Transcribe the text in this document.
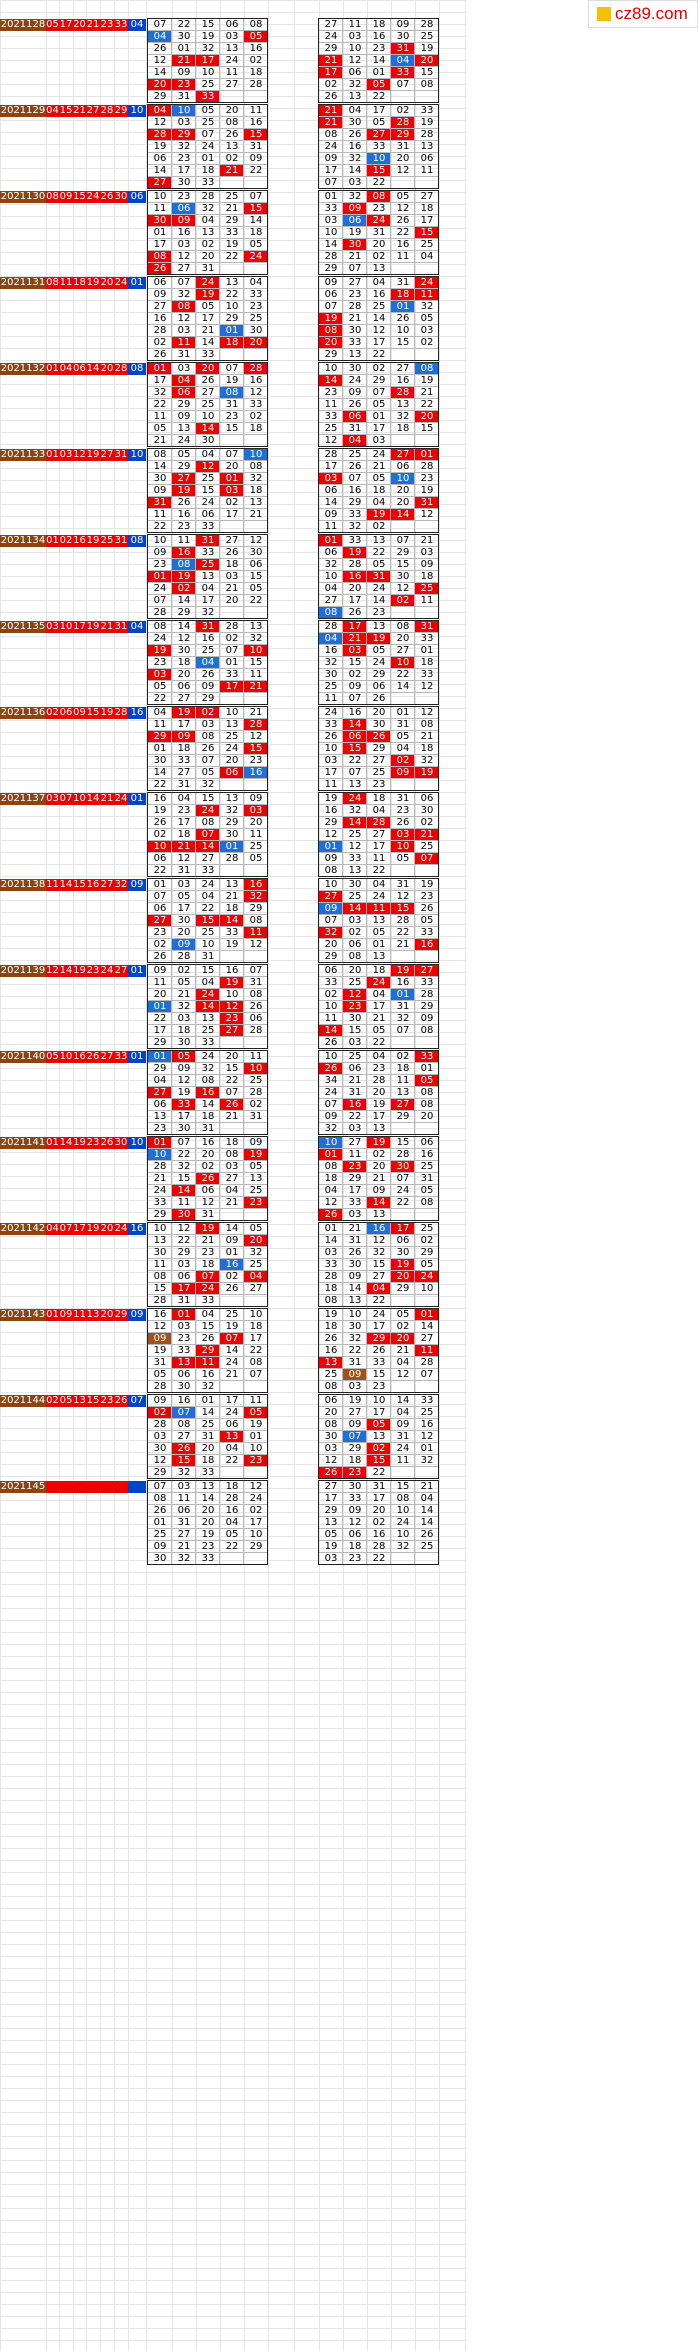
2021128 05 17 20 21 23 33 04	07	22	15	06	08
04	30	19	03	05
26	01	32	13	16
12	21	17	24	02
14	09	10	11	18
20	23	25	27	28
29	31	33
27	11	18	09	28
24	03	16	30	25
29	10	23	31	19
21	12	14	04	20
17	06	01	33	15
02	32	05	07	08
26	13	22
2021129 04 15 21 27 28 29 10	04	10	05	20	11
12	03	25	08	16
28	29	07	26	15
19	32	24	13	31
06	23	01	02	09
14	17	18	21	22
27	30	33
21	04	17	02	33
21	30	05	28	19
08	26	27	29	28
24	16	33	31	13
09	32	10	20	06
17	14	15	12	11
07	03	22
2021130 08 09 15 24 26 30 06	10	23	28	25	07
11	06	32	21	15
30	09	04	29	14
01	16	13	33	18
17	03	02	19	05
08	12	20	22	24
26	27	31
01	32	08	05	27
33	09	23	12	18
03	06	24	26	17
10	19	31	22	15
14	30	20	16	25
28	21	02	11	04
29	07	13
2021131 08 11 18 19 20 24 01	06	07	24	13	04
09	32	19	22	33
27	08	05	10	23
16	12	17	29	25
28	03	21	01	30
02	11	14	18	20
26	31	33
09	27	04	31	24
06	23	16	18	11
07	28	25	01	32
19	21	14	26	05
08	30	12	10	03
20	33	17	15	02
29	13	22
2021132 01 04 06 14 20 28 08	01	03	20	07	28
17	04	26	19	16
32	06	27	08	12
22	29	25	31	33
11	09	10	23	02
05	13	14	15	18
21	24	30
10	30	02	27	08
14	24	29	16	19
23	09	07	28	21
11	26	05	13	22
33	06	01	32	20
25	31	17	18	15
12	04	03
2021133 01 03 12 19 27 31 10	08	05	04	07	10
14	29	12	20	08
30	27	25	01	32
09	19	15	03	18
31	26	24	02	13
11	16	06	17	21
22	23	33
28	25	24	27	01
17	26	21	06	28
03	07	05	10	23
06	16	18	20	19
14	29	04	20	31
09	33	19	14	12
11	32	02
2021134 01 02 16 19 25 31 08	10	11	31	27	12
09	16	33	26	30
23	08	25	18	06
01	19	13	03	15
24	02	04	21	05
07	14	17	20	22
28	29	32
01	33	13	07	21
06	19	22	29	03
32	28	05	15	09
10	16	31	30	18
04	20	24	12	25
27	17	14	02	11
08	26	23
2021135 03 10 17 19 21 31 04	08	14	31	28	13
24	12	16	02	32
19	30	25	07	10
23	18	04	01	15
03	20	26	33	11
05	06	09	17	21
22	27	29
28	17	13	08	31
04	21	19	20	33
16	03	05	27	01
32	15	24	10	18
30	02	29	22	33
25	09	06	14	12
11	07	26
2021136 02 06 09 15 19 28 16	04	19	02	10	21
11	17	03	13	28
29	09	08	25	12
01	18	26	24	15
30	33	07	20	23
14	27	05	06	16
22	31	32
24	16	20	01	12
33	14	30	31	08
26	06	26	05	21
10	15	29	04	18
03	22	27	02	32
17	07	25	09	19
11	13	23
2021137 03 07 10 14 21 24 01	16	04	15	13	09
19	23	24	32	03
26	17	08	29	20
02	18	07	30	11
10	21	14	01	25
06	12	27	28	05
22	31	33
19	24	18	31	06
16	32	04	23	30
29	14	28	26	02
12	25	27	03	21
01	12	17	10	25
09	33	11	05	07
08	13	22
2021138 11 14 15 16 27 32 09	01	03	24	13	16
07	05	04	21	32
06	17	22	18	29
27	30	15	14	08
23	20	25	33	11
02	09	10	19	12
26	28	31
10	30	04	31	19
27	25	24	12	23
09	14	11	15	26
07	03	13	28	05
32	02	05	22	33
20	06	01	21	16
29	08	13
2021139 12 14 19 23 24 27 01	09	02	15	16	07
11	05	04	19	31
20	21	24	10	08
01	32	14	12	26
22	03	13	23	06
17	18	25	27	28
29	30	33
06	20	18	19	27
33	25	24	16	33
02	12	04	01	28
10	23	17	31	29
11	30	21	32	09
14	15	05	07	08
26	03	22
2021140 05 10 16 26 27 33 01	01	05	24	20	11
29	09	32	15	10
04	12	08	22	25
27	19	16	07	28
06	33	14	26	02
13	17	18	21	31
23	30	31
10	25	04	02	33
26	06	23	18	01
34	21	28	11	05
24	31	20	13	08
07	16	19	27	08
09	22	17	29	20
32	03	13
2021141 01 14 19 23 26 30 10	01	07	16	18	09
10	22	20	08	19
28	32	02	03	05
21	15	26	27	13
24	14	06	04	25
33	11	12	21	23
29	30	31
10	27	19	15	06
01	11	02	28	16
08	23	20	30	25
18	29	21	07	31
04	17	09	24	05
12	33	14	22	08
26	03	13
2021142 04 07 17 19 20 24 16	10	12	19	14	05
13	22	21	09	20
30	29	23	01	32
11	03	18	16	25
08	06	07	02	04
15	17	24	26	27
28	31	33
01	21	16	17	25
14	31	12	06	02
03	26	32	30	29
33	30	15	19	05
28	09	27	20	24
18	14	04	29	10
08	13	22
2021143 01 09 11 13 20 29 09	16	01	04	25	10
12	03	15	19	18
09	23	26	07	17
19	33	29	14	22
31	13	11	24	08
05	06	16	21	07
28	30	32
19	10	24	05	01
18	30	17	02	14
26	32	29	20	27
16	22	26	21	11
13	31	33	04	28
25	09	15	12	07
08	03	23
2021144 02 05 13 15 23 26 07	09	16	01	17	11
02	07	14	24	05
28	08	25	06	19
03	27	31	13	01
30	26	20	04	10
12	15	18	22	23
29	32	33
06	19	10	14	33
20	27	17	04	25
08	09	05	09	16
30	07	13	31	12
03	29	02	24	01
12	18	15	11	32
26	23	22
2021145	07	03	13	18	12
08	11	14	28	24
26	06	20	16	02
01	31	20	04	17
25	27	19	05	10
09	21	23	22	29
30	32	33
27	30	31	15	21
17	33	17	08	04
29	09	20	10	14
13	12	02	24	14
05	06	16	10	26
19	18	28	32	25
03	23	22
cz89.com
